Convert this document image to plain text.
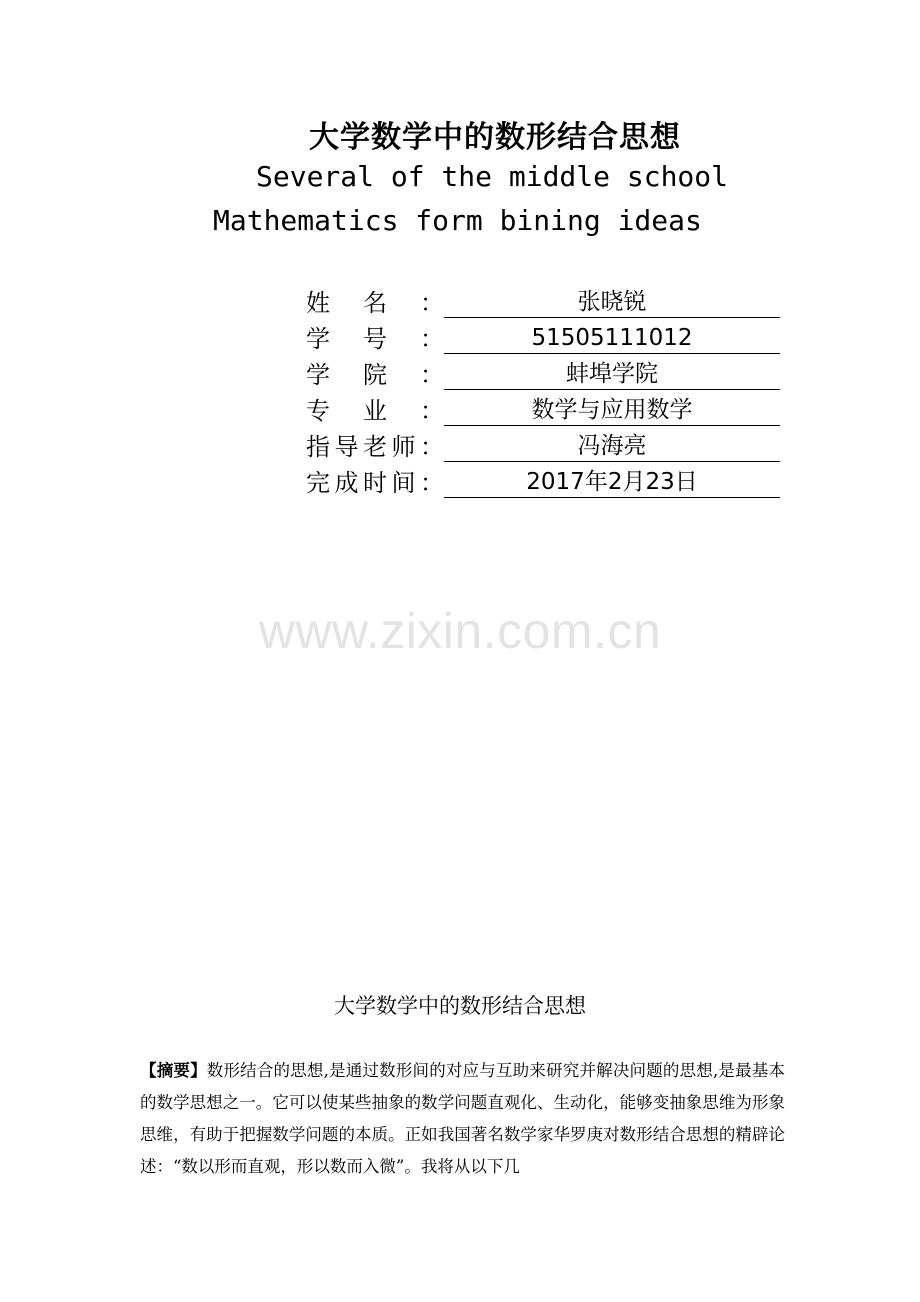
大学数学中的数形结合思想
Several of the middle school
Mathematics form bining ideas
姓 名 ：	张晓锐
学 号 ：	51505111012
学 院 ：	蚌埠学院
专 业 ：	数学与应用数学
指 导 老 师 ：	冯海亮
完 成 时 间 ：	2017年2月23日
www.zixin.com.cn
大学数学中的数形结合思想
【摘要】数形结合的思想,是通过数形间的对应与互助来研究并解决问题的思想,是最基本的数学思想之一。它可以使某些抽象的数学问题直观化、生动化，能够变抽象思维为形象思维，有助于把握数学问题的本质。正如我国著名数学家华罗庚对数形结合思想的精辟论述：“数以形而直观，形以数而入微”。我将从以下几
